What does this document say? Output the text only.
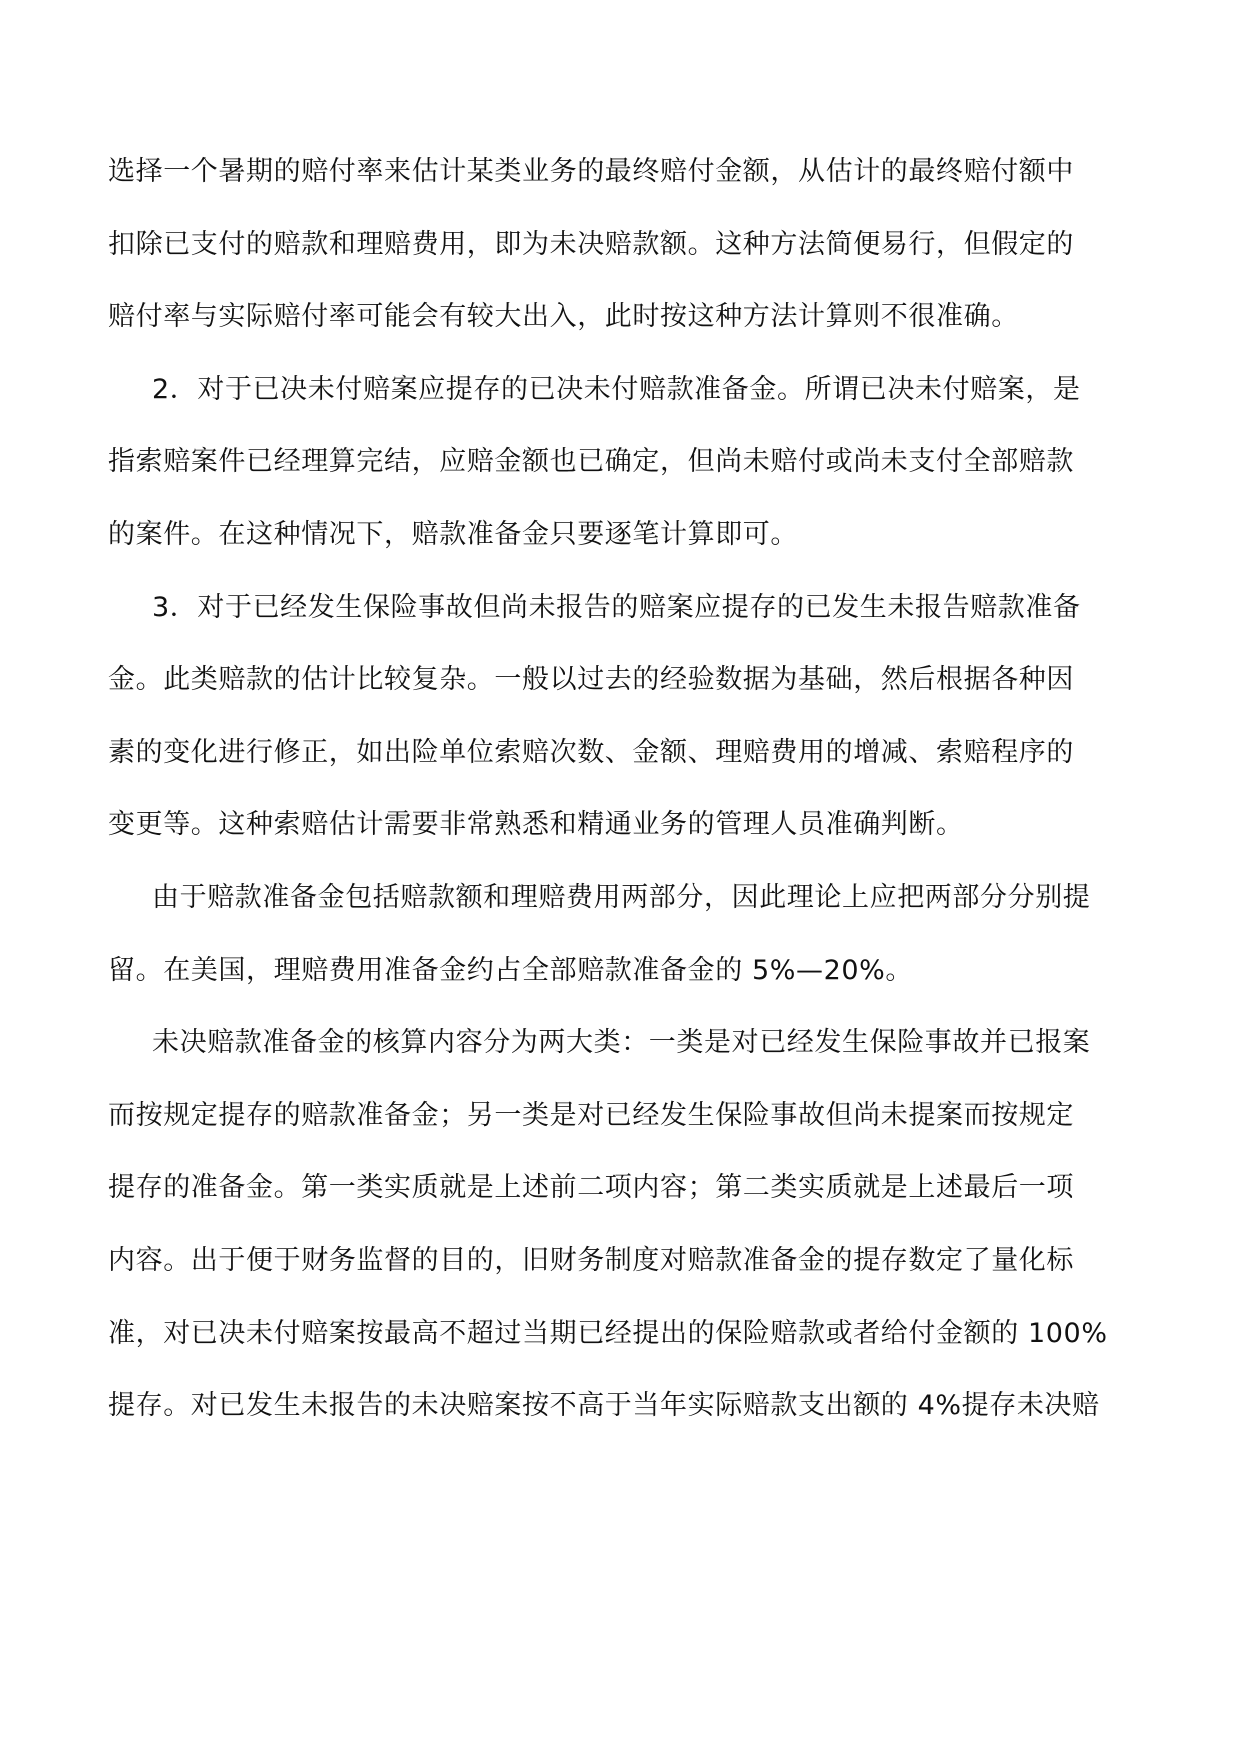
选择一个暑期的赔付率来估计某类业务的最终赔付金额，从估计的最终赔付额中
扣除已支付的赔款和理赔费用，即为未决赔款额。这种方法简便易行，但假定的
赔付率与实际赔付率可能会有较大出入，此时按这种方法计算则不很准确。
2．对于已决未付赔案应提存的已决未付赔款准备金。所谓已决未付赔案，是
指索赔案件已经理算完结，应赔金额也已确定，但尚未赔付或尚未支付全部赔款
的案件。在这种情况下，赔款准备金只要逐笔计算即可。
3．对于已经发生保险事故但尚未报告的赔案应提存的已发生未报告赔款准备
金。此类赔款的估计比较复杂。一般以过去的经验数据为基础，然后根据各种因
素的变化进行修正，如出险单位索赔次数、金额、理赔费用的增减、索赔程序的
变更等。这种索赔估计需要非常熟悉和精通业务的管理人员准确判断。
由于赔款准备金包括赔款额和理赔费用两部分，因此理论上应把两部分分别提
留。在美国，理赔费用准备金约占全部赔款准备金的 5%—20%。
未决赔款准备金的核算内容分为两大类：一类是对已经发生保险事故并已报案
而按规定提存的赔款准备金；另一类是对已经发生保险事故但尚未提案而按规定
提存的准备金。第一类实质就是上述前二项内容；第二类实质就是上述最后一项
内容。出于便于财务监督的目的，旧财务制度对赔款准备金的提存数定了量化标
准，对已决未付赔案按最高不超过当期已经提出的保险赔款或者给付金额的 100%
提存。对已发生未报告的未决赔案按不高于当年实际赔款支出额的 4%提存未决赔
